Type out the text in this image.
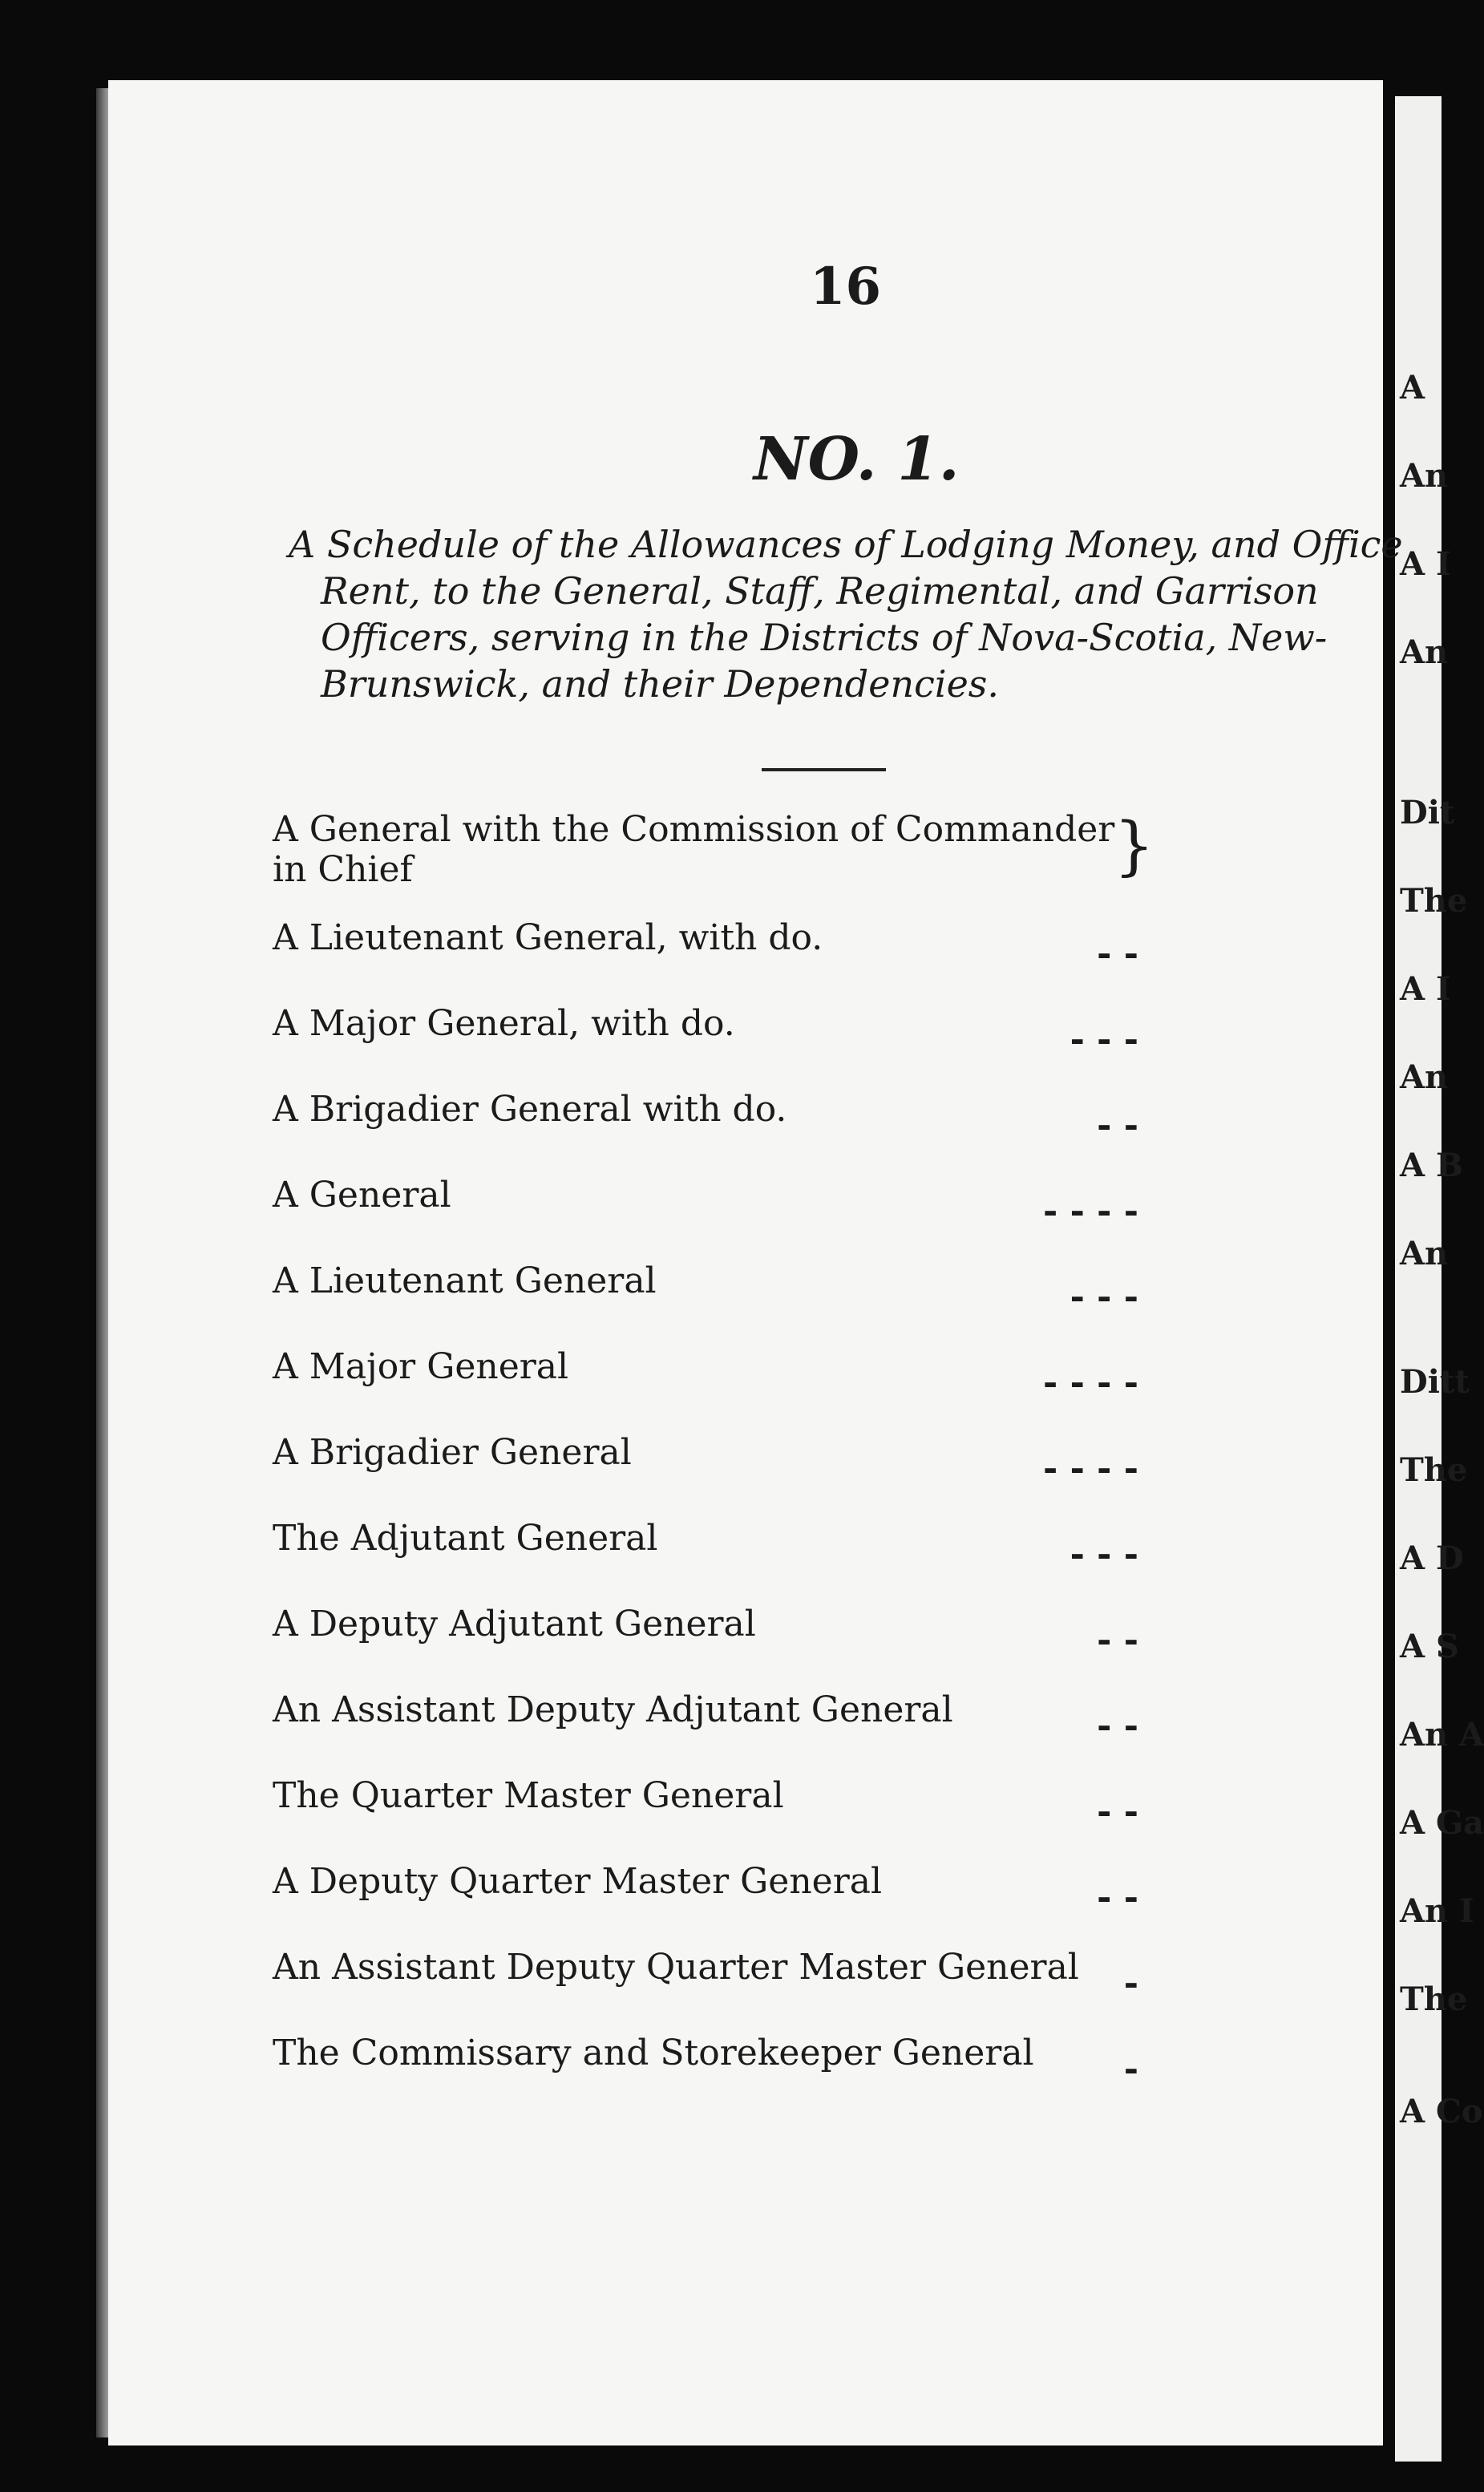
A
An
A I
An
Dit
The
A I
An
A B
An
Ditt
The
A D
A S
An A
A Ga
An I
The
A Co
16
NO. 1.
A Schedule of the Allowances of Lodging Money, and Office Rent, to the General, Staff, Regimental, and Garrison Officers, serving in the Districts of Nova-Scotia, New-Brunswick, and their Dependencies.
A General with the Commission of Commander in Chief	}
A Lieutenant General, with do.	- -
A Major General, with do.	- - -
A Brigadier General with do.	- -
A General	- - - -
A Lieutenant General	- - -
A Major General	- - - -
A Brigadier General	- - - -
The Adjutant General	- - -
A Deputy Adjutant General	- -
An Assistant Deputy Adjutant General	- -
The Quarter Master General	- -
A Deputy Quarter Master General	- -
An Assistant Deputy Quarter Master General -
The Commissary and Storekeeper General	-
